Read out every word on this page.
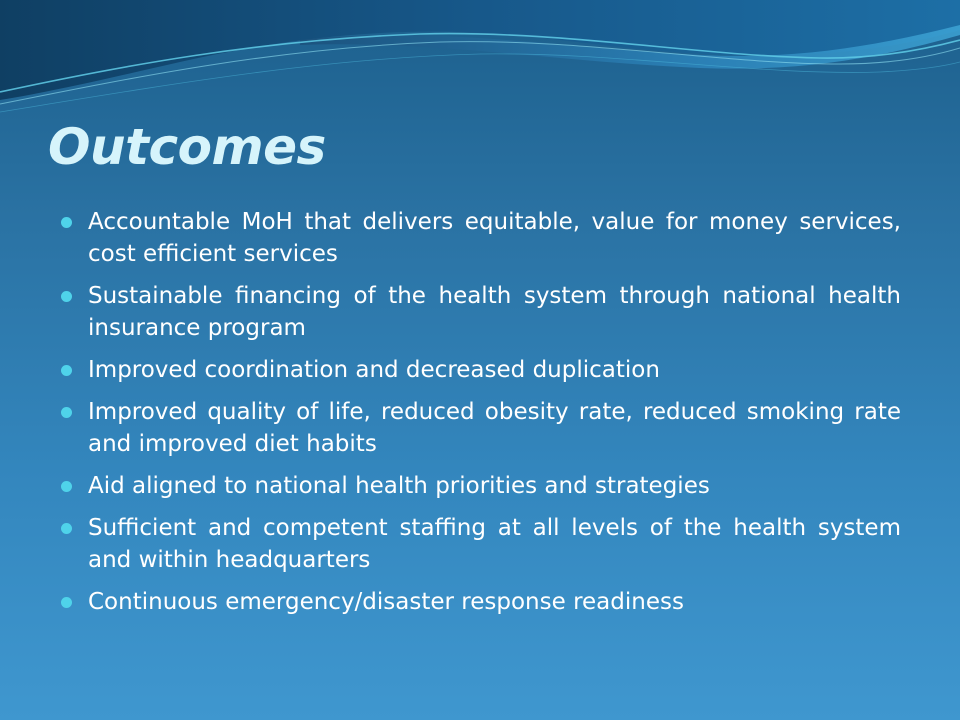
Outcomes
Accountable MoH that delivers equitable, value for money services, cost efficient services
Sustainable financing of the health system through national health insurance program
Improved coordination and decreased duplication
Improved quality of life, reduced obesity rate, reduced smoking rate and improved diet habits
Aid aligned to national health priorities and strategies
Sufficient and competent staffing at all levels of the health system and within headquarters
Continuous emergency/disaster response readiness
